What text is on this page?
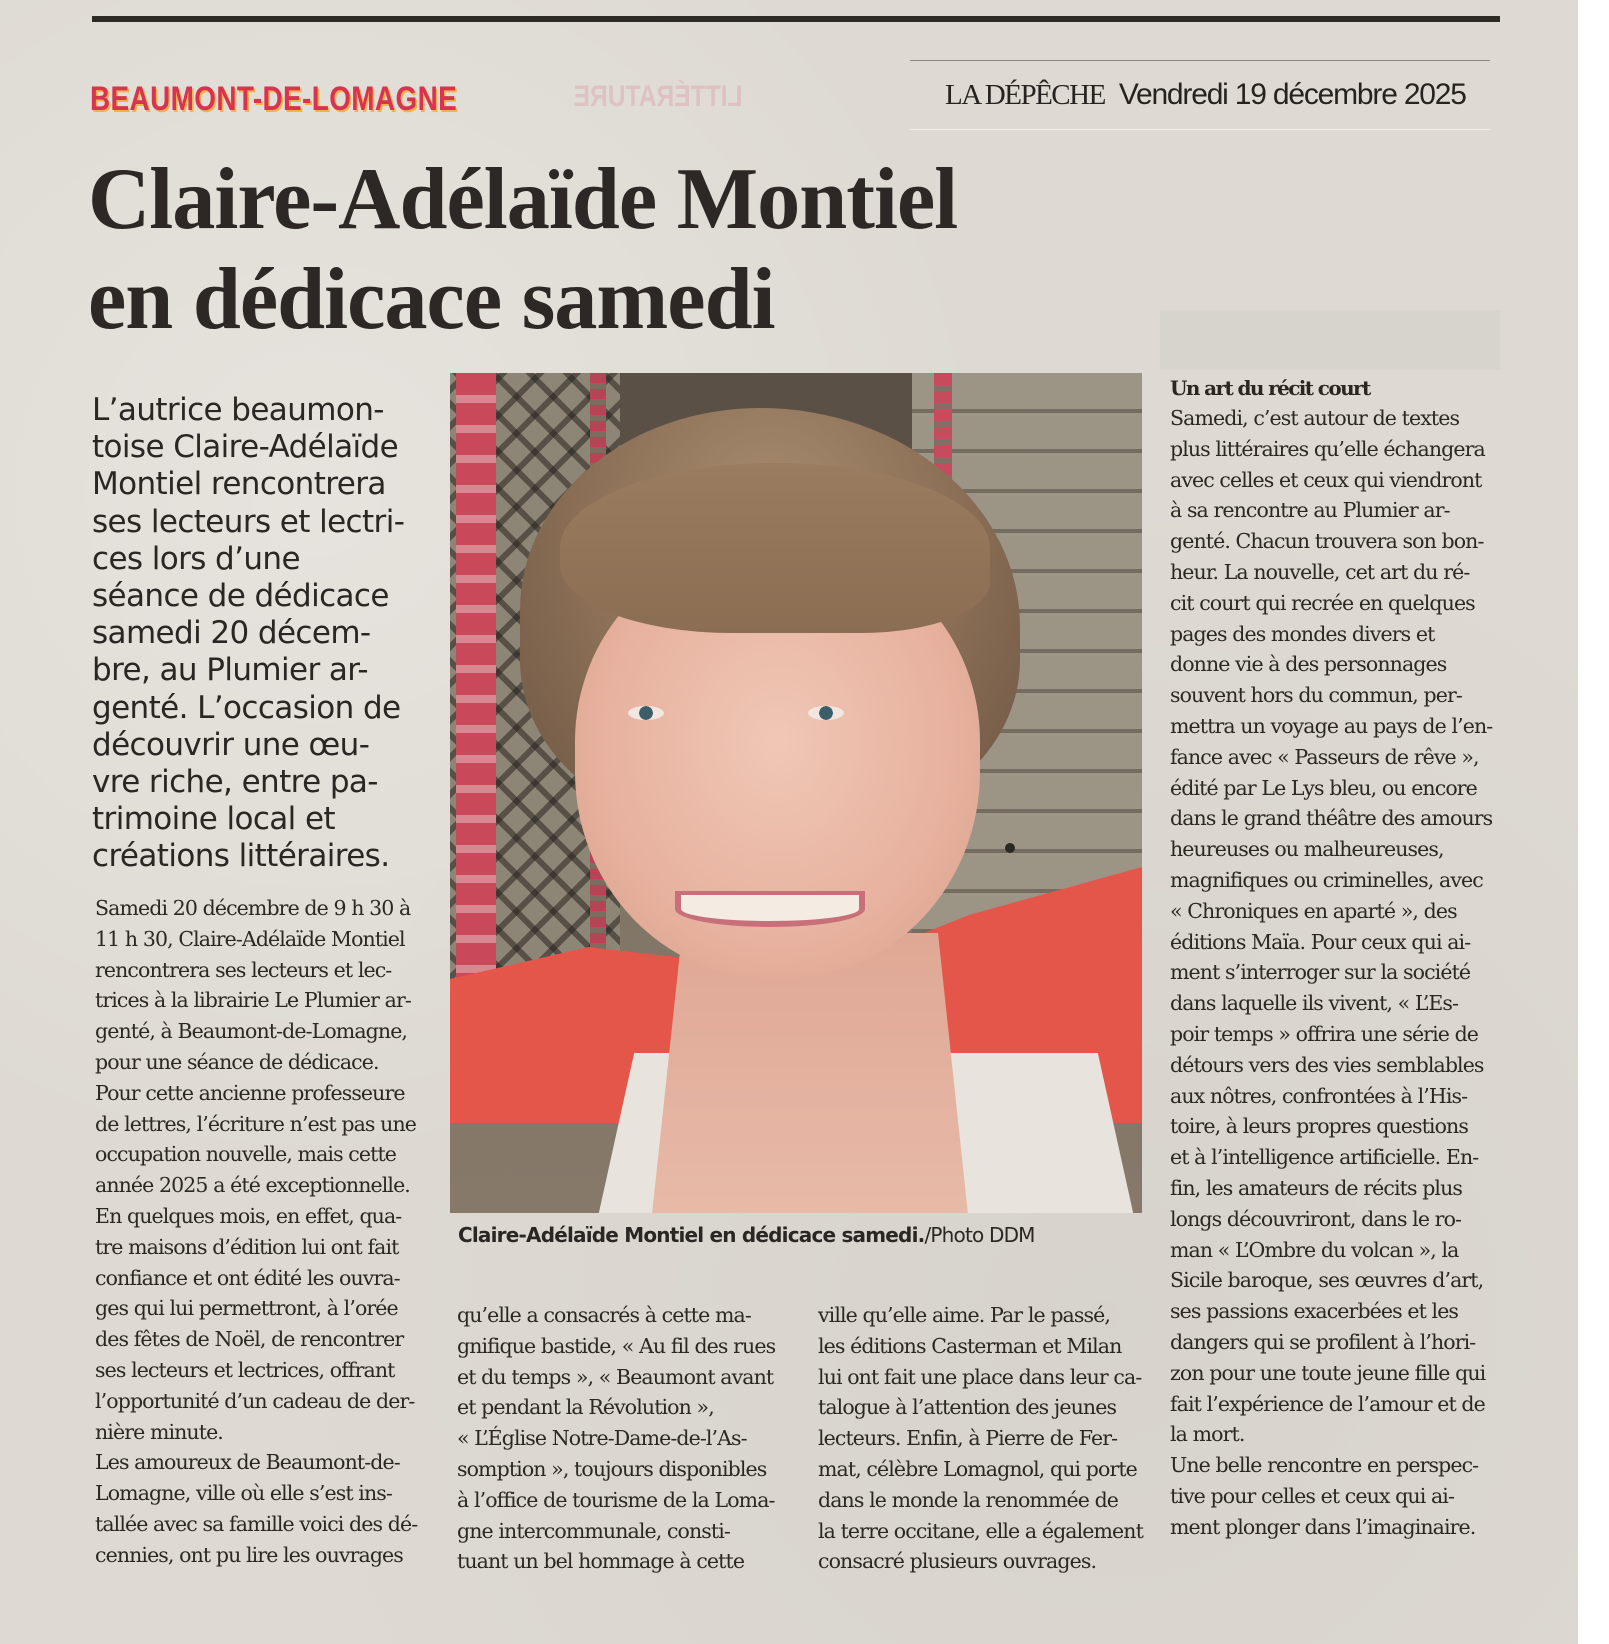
BEAUMONT-DE-LOMAGNE	LITTÉRATURE	LA DÉPÊCHE Vendredi 19 décembre 2025
Claire-Adélaïde Montiel
en dédicace samedi
L’autrice beaumon-
toise Claire-Adélaïde
Montiel rencontrera
ses lecteurs et lectri-
ces lors d’une
séance de dédicace
samedi 20 décem-
bre, au Plumier ar-
genté. L’occasion de
découvrir une œu-
vre riche, entre pa-
trimoine local et
créations littéraires.
Claire-Adélaïde Montiel en dédicace samedi./Photo DDM
Samedi 20 décembre de 9 h 30 à
11 h 30, Claire-Adélaïde Montiel
rencontrera ses lecteurs et lec-
trices à la librairie Le Plumier ar-
genté, à Beaumont-de-Lomagne,
pour une séance de dédicace.
Pour cette ancienne professeure
de lettres, l’écriture n’est pas une
occupation nouvelle, mais cette
année 2025 a été exceptionnelle.
En quelques mois, en effet, qua-
tre maisons d’édition lui ont fait
confiance et ont édité les ouvra-
ges qui lui permettront, à l’orée
des fêtes de Noël, de rencontrer
ses lecteurs et lectrices, offrant
l’opportunité d’un cadeau de der-
nière minute.
Les amoureux de Beaumont-de-
Lomagne, ville où elle s’est ins-
tallée avec sa famille voici des dé-
cennies, ont pu lire les ouvrages
qu’elle a consacrés à cette ma-
gnifique bastide, « Au fil des rues
et du temps », « Beaumont avant
et pendant la Révolution »,
« L’Église Notre-Dame-de-l’As-
somption », toujours disponibles
à l’office de tourisme de la Loma-
gne intercommunale, consti-
tuant un bel hommage à cette
ville qu’elle aime. Par le passé,
les éditions Casterman et Milan
lui ont fait une place dans leur ca-
talogue à l’attention des jeunes
lecteurs. Enfin, à Pierre de Fer-
mat, célèbre Lomagnol, qui porte
dans le monde la renommée de
la terre occitane, elle a également
consacré plusieurs ouvrages.
Un art du récit court
Samedi, c’est autour de textes
plus littéraires qu’elle échangera
avec celles et ceux qui viendront
à sa rencontre au Plumier ar-
genté. Chacun trouvera son bon-
heur. La nouvelle, cet art du ré-
cit court qui recrée en quelques
pages des mondes divers et
donne vie à des personnages
souvent hors du commun, per-
mettra un voyage au pays de l’en-
fance avec « Passeurs de rêve »,
édité par Le Lys bleu, ou encore
dans le grand théâtre des amours
heureuses ou malheureuses,
magnifiques ou criminelles, avec
« Chroniques en aparté », des
éditions Maïa. Pour ceux qui ai-
ment s’interroger sur la société
dans laquelle ils vivent, « L’Es-
poir temps » offrira une série de
détours vers des vies semblables
aux nôtres, confrontées à l’His-
toire, à leurs propres questions
et à l’intelligence artificielle. En-
fin, les amateurs de récits plus
longs découvriront, dans le ro-
man « L’Ombre du volcan », la
Sicile baroque, ses œuvres d’art,
ses passions exacerbées et les
dangers qui se profilent à l’hori-
zon pour une toute jeune fille qui
fait l’expérience de l’amour et de
la mort.
Une belle rencontre en perspec-
tive pour celles et ceux qui ai-
ment plonger dans l’imaginaire.
